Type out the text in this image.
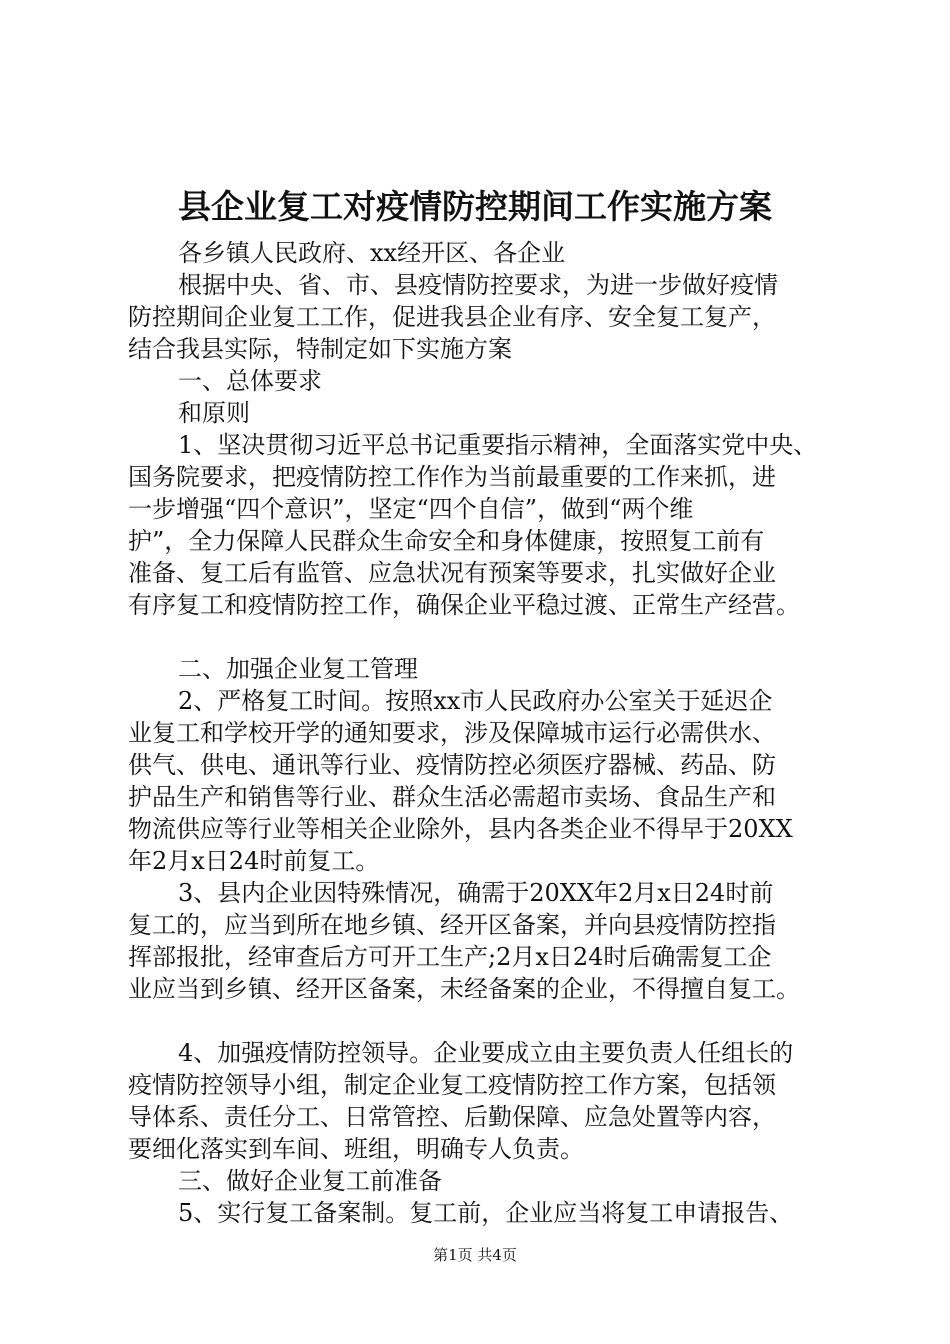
县企业复工对疫情防控期间工作实施方案
各乡镇人民政府、xx经开区、各企业
根据中央、省、市、县疫情防控要求，为进一步做好疫情
防控期间企业复工工作，促进我县企业有序、安全复工复产，
结合我县实际，特制定如下实施方案
一、总体要求
和原则
1、坚决贯彻习近平总书记重要指示精神，全面落实党中央、
国务院要求，把疫情防控工作作为当前最重要的工作来抓，进
一步增强“四个意识”，坚定“四个自信”，做到“两个维
护”，全力保障人民群众生命安全和身体健康，按照复工前有
准备、复工后有监管、应急状况有预案等要求，扎实做好企业
有序复工和疫情防控工作，确保企业平稳过渡、正常生产经营。
二、加强企业复工管理
2、严格复工时间。按照xx市人民政府办公室关于延迟企
业复工和学校开学的通知要求，涉及保障城市运行必需供水、
供气、供电、通讯等行业、疫情防控必须医疗器械、药品、防
护品生产和销售等行业、群众生活必需超市卖场、食品生产和
物流供应等行业等相关企业除外，县内各类企业不得早于20XX
年2月x日24时前复工。
3、县内企业因特殊情况，确需于20XX年2月x日24时前
复工的，应当到所在地乡镇、经开区备案，并向县疫情防控指
挥部报批，经审查后方可开工生产;2月x日24时后确需复工企
业应当到乡镇、经开区备案，未经备案的企业，不得擅自复工。
4、加强疫情防控领导。企业要成立由主要负责人任组长的
疫情防控领导小组，制定企业复工疫情防控工作方案，包括领
导体系、责任分工、日常管控、后勤保障、应急处置等内容，
要细化落实到车间、班组，明确专人负责。
三、做好企业复工前准备
5、实行复工备案制。复工前，企业应当将复工申请报告、
第1页 共4页
